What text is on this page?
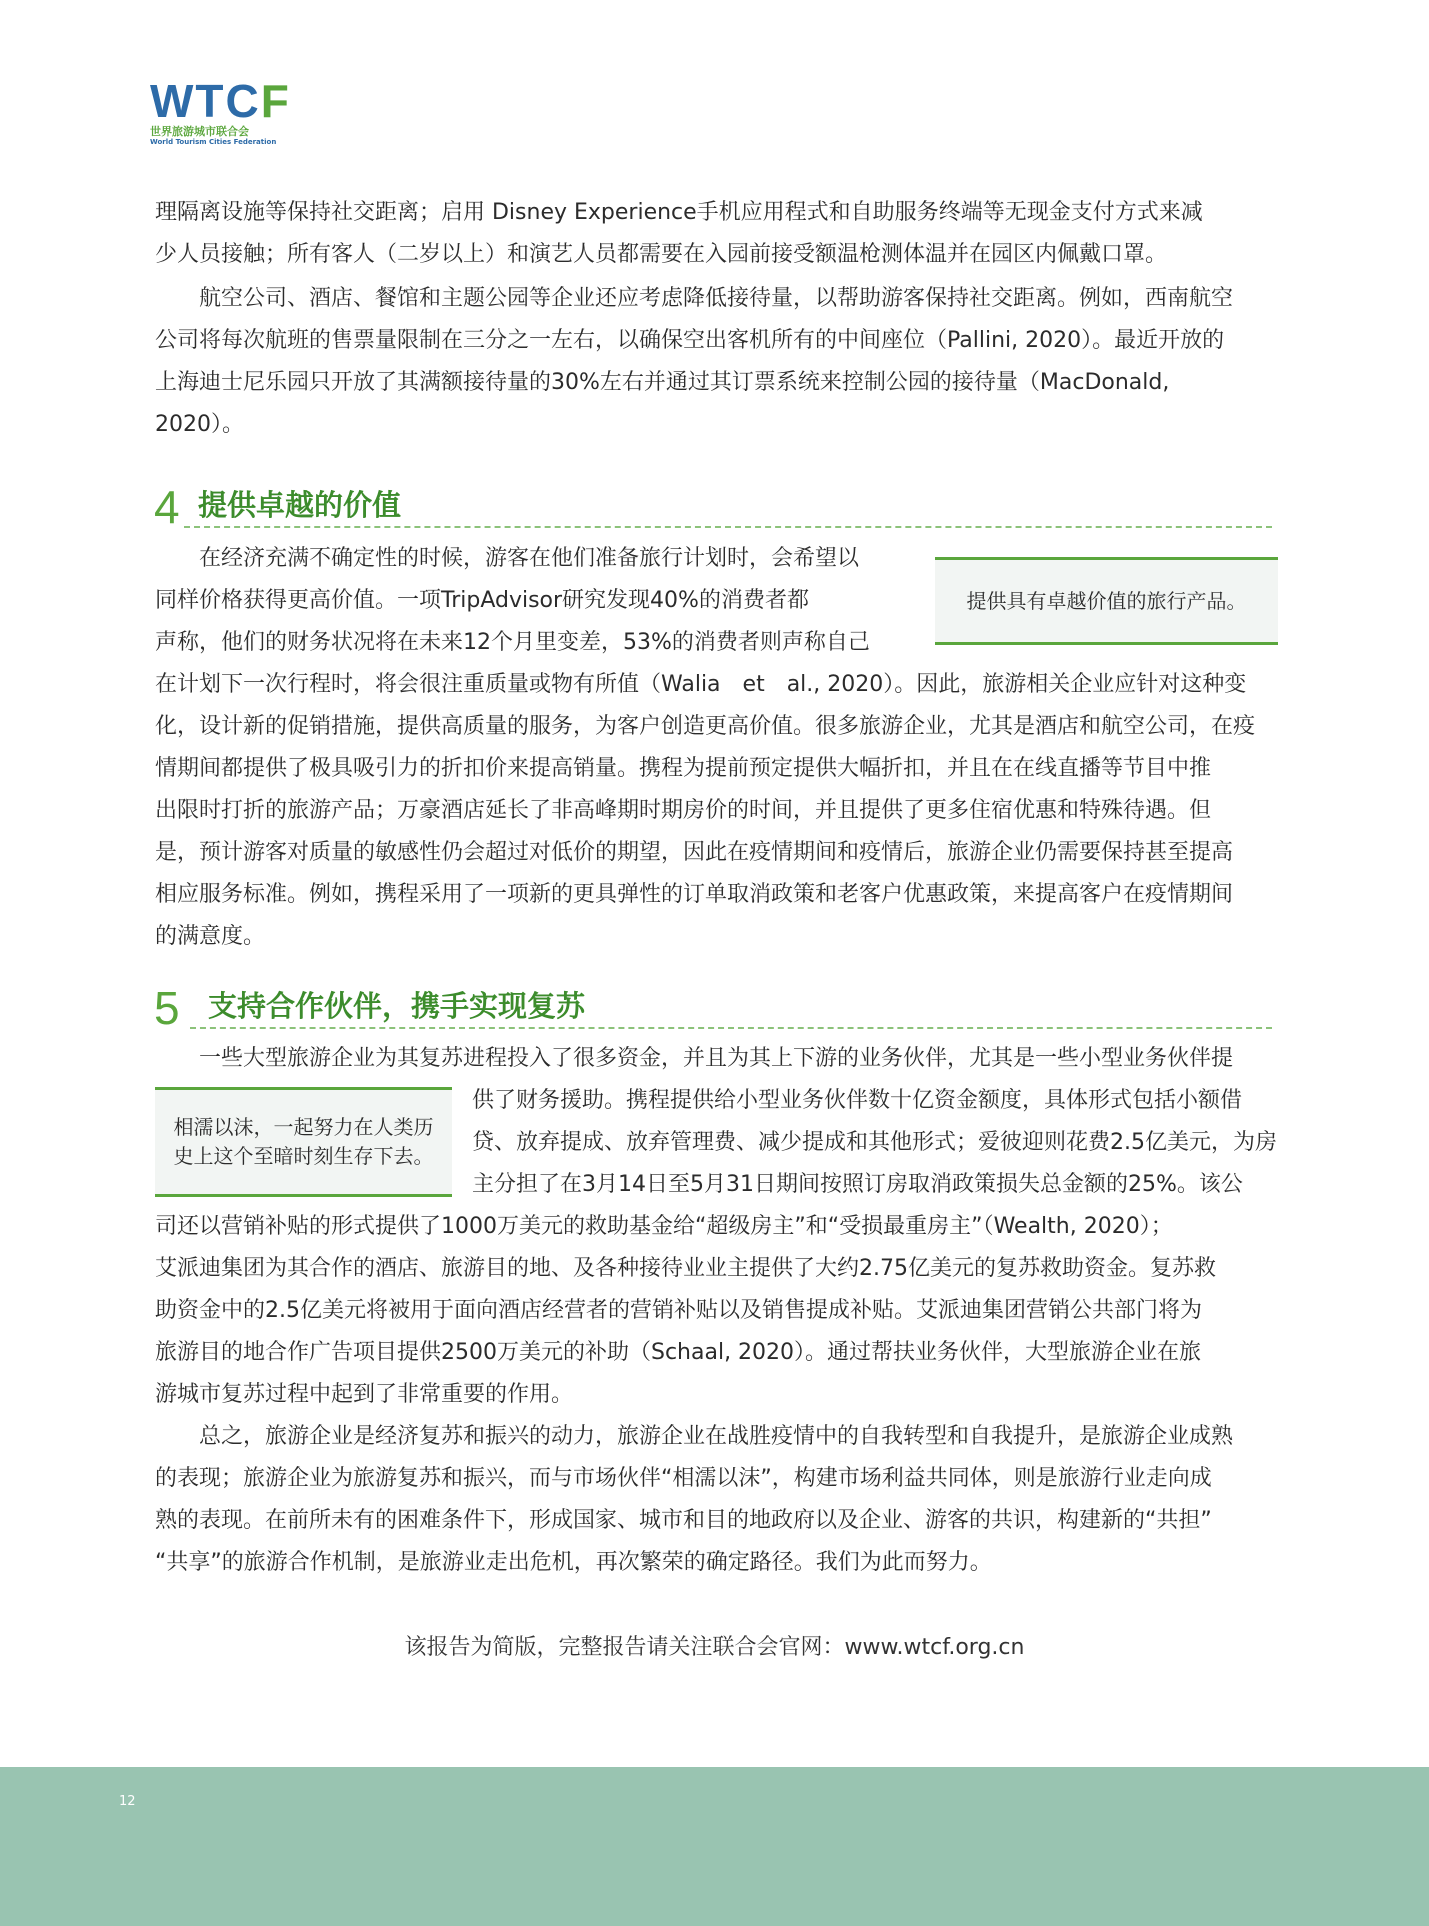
WTCF
世界旅游城市联合会
World Tourism Cities Federation
理隔离设施等保持社交距离；启用 Disney Experience手机应用程式和自助服务终端等无现金支付方式来减
少人员接触；所有客人（二岁以上）和演艺人员都需要在入园前接受额温枪测体温并在园区内佩戴口罩。
　　航空公司、酒店、餐馆和主题公园等企业还应考虑降低接待量，以帮助游客保持社交距离。例如，西南航空
公司将每次航班的售票量限制在三分之一左右，以确保空出客机所有的中间座位（Pallini, 2020）。最近开放的
上海迪士尼乐园只开放了其满额接待量的30%左右并通过其订票系统来控制公园的接待量（MacDonald,
2020）。
4 提供卓越的价值
提供具有卓越价值的旅行产品。
　　在经济充满不确定性的时候，游客在他们准备旅行计划时，会希望以
同样价格获得更高价值。一项TripAdvisor研究发现40%的消费者都
声称，他们的财务状况将在未来12个月里变差，53%的消费者则声称自己
在计划下一次行程时，将会很注重质量或物有所值（Walia　et　al., 2020）。因此，旅游相关企业应针对这种变
化，设计新的促销措施，提供高质量的服务，为客户创造更高价值。很多旅游企业，尤其是酒店和航空公司，在疫
情期间都提供了极具吸引力的折扣价来提高销量。携程为提前预定提供大幅折扣，并且在在线直播等节目中推
出限时打折的旅游产品；万豪酒店延长了非高峰期时期房价的时间，并且提供了更多住宿优惠和特殊待遇。但
是，预计游客对质量的敏感性仍会超过对低价的期望，因此在疫情期间和疫情后，旅游企业仍需要保持甚至提高
相应服务标准。例如，携程采用了一项新的更具弹性的订单取消政策和老客户优惠政策，来提高客户在疫情期间
的满意度。
5 支持合作伙伴，携手实现复苏
　　一些大型旅游企业为其复苏进程投入了很多资金，并且为其上下游的业务伙伴，尤其是一些小型业务伙伴提
相濡以沫，一起努力在人类历
史上这个至暗时刻生存下去。
供了财务援助。携程提供给小型业务伙伴数十亿资金额度，具体形式包括小额借
贷、放弃提成、放弃管理费、减少提成和其他形式；爱彼迎则花费2.5亿美元，为房
主分担了在3月14日至5月31日期间按照订房取消政策损失总金额的25%。该公
司还以营销补贴的形式提供了1000万美元的救助基金给“超级房主”和“受损最重房主”（Wealth, 2020）；
艾派迪集团为其合作的酒店、旅游目的地、及各种接待业业主提供了大约2.75亿美元的复苏救助资金。复苏救
助资金中的2.5亿美元将被用于面向酒店经营者的营销补贴以及销售提成补贴。艾派迪集团营销公共部门将为
旅游目的地合作广告项目提供2500万美元的补助（Schaal, 2020）。通过帮扶业务伙伴，大型旅游企业在旅
游城市复苏过程中起到了非常重要的作用。
　　总之，旅游企业是经济复苏和振兴的动力，旅游企业在战胜疫情中的自我转型和自我提升，是旅游企业成熟
的表现；旅游企业为旅游复苏和振兴，而与市场伙伴“相濡以沫”，构建市场利益共同体，则是旅游行业走向成
熟的表现。在前所未有的困难条件下，形成国家、城市和目的地政府以及企业、游客的共识，构建新的“共担”
“共享”的旅游合作机制，是旅游业走出危机，再次繁荣的确定路径。我们为此而努力。
该报告为简版，完整报告请关注联合会官网：www.wtcf.org.cn
12
